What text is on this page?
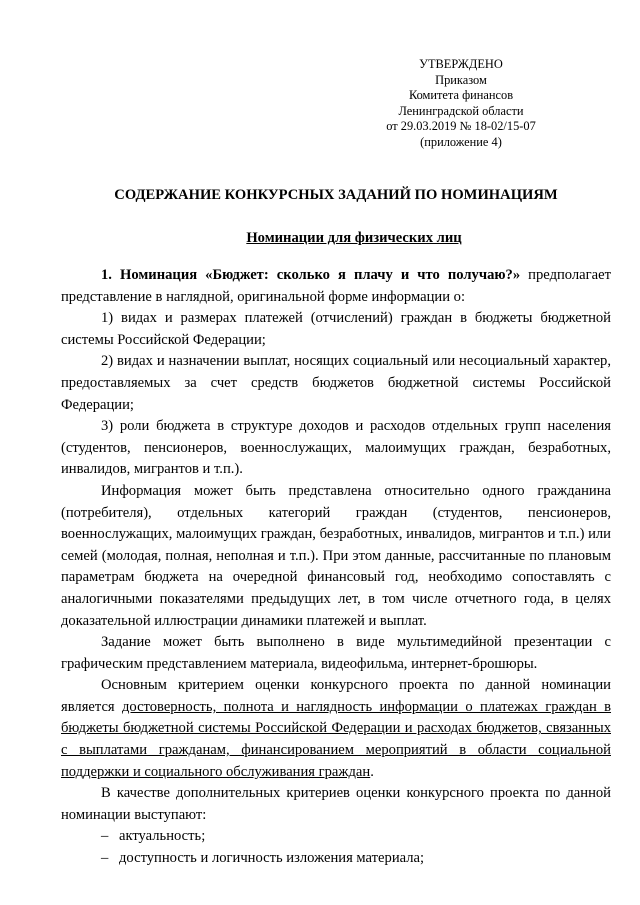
УТВЕРЖДЕНО
Приказом
Комитета финансов
Ленинградской области
от 29.03.2019 № 18-02/15-07
(приложение 4)
СОДЕРЖАНИЕ КОНКУРСНЫХ ЗАДАНИЙ ПО НОМИНАЦИЯМ
Номинации для физических лиц

1. Номинация «Бюджет: сколько я плачу и что получаю?» предполагает представление в наглядной, оригинальной форме информации о:

1) видах и размерах платежей (отчислений) граждан в бюджеты бюджетной системы Российской Федерации;

2) видах и назначении выплат, носящих социальный или несоциальный характер, предоставляемых за счет средств бюджетов бюджетной системы Российской Федерации;

3) роли бюджета в структуре доходов и расходов отдельных групп населения (студентов, пенсионеров, военнослужащих, малоимущих граждан, безработных, инвалидов, мигрантов и т.п.).

Информация может быть представлена относительно одного гражданина (потребителя), отдельных категорий граждан (студентов, пенсионеров, военнослужащих, малоимущих граждан, безработных, инвалидов, мигрантов и т.п.) или семей (молодая, полная, неполная и т.п.). При этом данные, рассчитанные по плановым параметрам бюджета на очередной финансовый год, необходимо сопоставлять с аналогичными показателями предыдущих лет, в том числе отчетного года, в целях доказательной иллюстрации динамики платежей и выплат.

Задание может быть выполнено в виде мультимедийной презентации с графическим представлением материала, видеофильма, интернет-брошюры.

Основным критерием оценки конкурсного проекта по данной номинации является достоверность, полнота и наглядность информации о платежах граждан в бюджеты бюджетной системы Российской Федерации и расходах бюджетов, связанных с выплатами гражданам, финансированием мероприятий в области социальной поддержки и социального обслуживания граждан.

В качестве дополнительных критериев оценки конкурсного проекта по данной номинации выступают:

– актуальность;
– доступность и логичность изложения материала;
